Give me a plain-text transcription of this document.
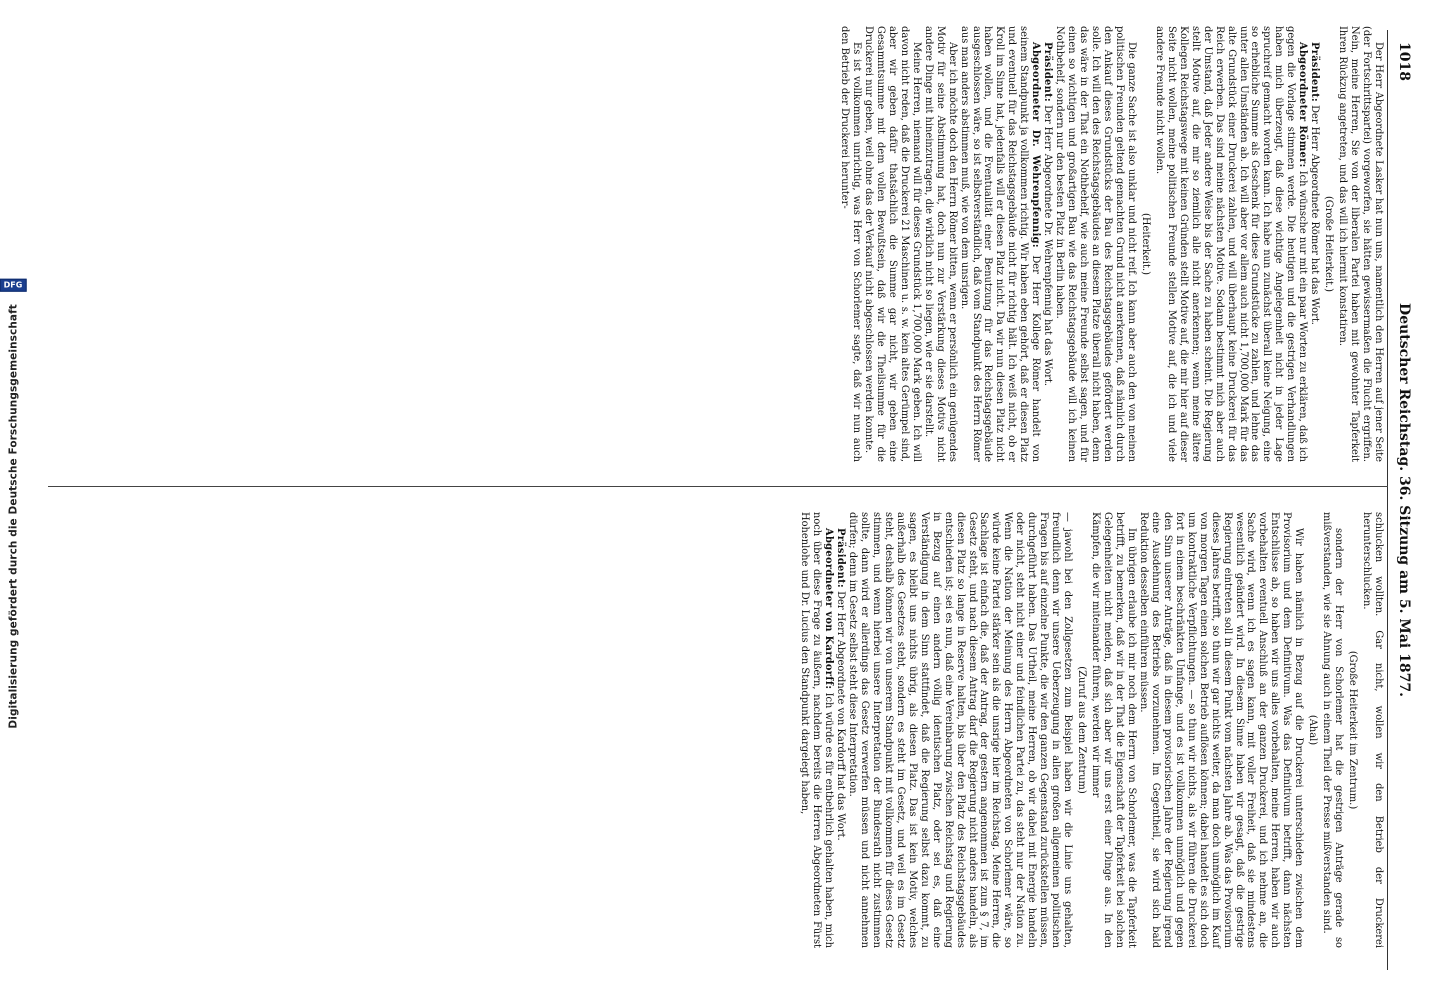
Digitalisierung gefördert durch die Deutsche Forschungsgemeinschaft
DFG
1018
Deutscher Reichstag. 36. Sitzung am 5. Mai 1877.

Der Herr Abgeordnete Lasker hat nun uns, namentlich den Herren auf jener Seite (der Fortschrittspartei) vorgeworfen, sie hätten gewissermaßen die Flucht ergriffen. Nein, meine Herren, Sie von der liberalen Partei haben mit gewohnter Tapferkeit Ihren Rückzug angetreten, und das will ich hiermit konstatiren.

(Große Heiterkeit.)

Präsident: Der Herr Abgeordnete Römer hat das Wort.

Abgeordneter Römer: Ich wünsche nur mit ein paar Worten zu erklären, daß ich gegen die Vorlage stimmen werde. Die heutigen und die gestrigen Verhandlungen haben mich überzeugt, daß diese wichtige Angelegenheit nicht in jeder Lage spruchreif gemacht worden kann. Ich habe nun zunächst überall keine Neigung, eine so erhebliche Summe als Geschenk für diese Grundstücke zu zahlen, und lehne das unter allen Umständen ab. Ich will aber vor allem auch nicht 1,700,000 Mark für das alte Grundstück einer Druckerei zahlen, und will überhaupt keine Druckerei für das Reich erwerben. Das sind meine nächsten Motive. Sodann bestimmt mich aber auch der Umstand, daß Jeder andere Weise bis der Sache zu haben scheint. Die Regierung stellt Motive auf, die mir so ziemlich alle nicht anerkennen; wenn meine ältere Kollegen Reichstagswege mit keinen Gründen stellt Motive auf, die mir hier auf dieser Seite nicht wollen, meine politischen Freunde stellen Motive auf, die ich und viele andere Freunde nicht wollen.

(Heiterkeit.)

Die ganze Sache ist also unklar und nicht reif. Ich kann aber auch den von meinen politischen Freunden geltend gemachten Grund nicht anerkennen, daß nämlich durch den Ankauf dieses Grundstücks der Bau des Reichstagsgebäudes gefördert werden solle. Ich will den des Reichstagsgebäudes an diesem Platze überall nicht haben, denn das wäre in der That ein Nothbehelf, wie auch meine Freunde selbst sagen, und für einen so wichtigen und großartigen Bau wie das Reichstagsgebäude will ich keinen Nothbehelf, sondern nur den besten Platz in Berlin haben.

Präsident: Der Herr Abgeordnete Dr. Wehrenpfennig hat das Wort.

Abgeordneter Dr. Wehrenpfennig: Der Herr Kollege Römer handelt von seinem Standpunkt ja vollkommen richtig. Wir haben eben gehört, daß er diesen Platz und eventuell für das Reichstagsgebäude nicht für richtig hält. Ich weiß nicht, ob er Kroll im Sinne hat, jedenfalls will er diesen Platz nicht. Da wir nun diesen Platz nicht haben wollen, und die Eventualität einer Benutzung für das Reichstagsgebäude ausgeschlossen wäre, so ist selbstverständlich, daß vom Standpunkt des Herrn Römer aus man anders abstimmen muß, wie von dem unsrigen.

Aber ich möchte doch den Herrn Römer bitten, wenn er persönlich ein genügendes Motiv für seine Abstimmung hat, doch nun zur Verstärkung dieses Motivs nicht andere Dinge mit hineinzutragen, die wirklich nicht so liegen, wie er sie darstellt.

Meine Herren, niemand will für dieses Grundstück 1,700,000 Mark geben. Ich will davon nicht reden, daß die Druckerei 21 Maschinen u. s. w. kein altes Gerümpel sind, aber wir geben dafür thatsächlich die Summe gar nicht, wir geben eine Gesammtsumme mit dem vollen Bewußtsein, daß wir die Theilsumme für die Druckerei nur geben, weil ohne das der Verkauf nicht abgeschlossen werden konnte.

Es ist vollkommen unrichtig, was Herr von Schorlemer sagte, daß wir nun auch den Betrieb der Druckerei herunter-

schlucken wollten. Gar nicht, wollen wir den Betrieb der Druckerei herunterschlucken.

(Große Heiterkeit im Zentrum.)

sondern der Herr von Schorlemer hat die gestrigen Anträge gerade so mißverstanden, wie sie Ahnung auch in einem Theil der Presse mißverstanden sind.

(Ahal)

Wir haben nämlich in Bezug auf die Druckerei unterschieden zwischen dem Provisorium und dem Definitivum. Was das Definitivum betrifft, dann nächsten Entschlüsse ab, so haben wir uns alles vorbehalten, meine Herren, haben wir auch vorbehalten eventuell Anschluß an der ganzen Druckerei, und ich nehme an, die Sache wird, wenn ich es sagen kann, mit voller Freiheit, daß sie mindestens wesentlich geändert wird. In diesem Sinne haben wir gesagt, daß die gestrige Regierung eintreten soll in diesem Punkt vom nächsten Jahre ab. Was das Provisorium dieses Jahres betrifft, so thun wir gar nichts weiter, da man doch unmöglich im Kauf von morgen Tagen einen solchen Betrieb auflösen können; dabei handelt es sich doch um kontraktliche Verpflichtungen. — so thun wir nichts, als wir führen die Druckerei fort in einem beschränkten Umfange, und es ist vollkommen unmöglich und gegen den Sinn unserer Anträge, daß in diesem provisorischen Jahre der Regierung irgend eine Ausdehnung des Betriebs vorzunehmen. Im Gegentheil, sie wird sich bald Reduktion desselben einführen müssen.

Im übrigen erlaube ich mir noch dem Herrn von Schorlemer, was die Tapferkeit betrifft, zu bemerken, daß wir in der That die Eigenschaft der Tapferkeit bei solchen Gelegenheiten nicht meiden, daß sich aber wir uns erst einer Dinge aus. In den Kämpfen, die wir miteinander führen, werden wir immer

(Zuruf aus dem Zentrum)

— jawohl bei den Zollgesetzen zum Beispiel haben wir die Linie uns gehalten, freundlich denn wir unsere Ueberzeugung in allen großen allgemeinen politischen Fragen bis auf einzelne Punkte, die wir den ganzen Gegenstand zurückstellen müssen, durchgeführt haben. Das Urtheil, meine Herren, ob wir dabei mit Energie handeln oder nicht, steht nicht einer und feindlichen Partei zu, das steht nur der Nation zu. Wenn die Nation der Meinung des Herrn Abgeordneten von Schorlemer wäre, so würde keine Partei stärker sein als die unsrige hier im Reichstag. Meine Herren, die Sachlage ist einfach die, daß der Antrag, der gestern angenommen ist zum § 7, im Gesetz steht, und nach diesem Antrag darf die Regierung nicht anders handeln, als diesen Platz so lange in Reserve halten, bis über den Platz des Reichstagsgebäudes entschieden ist; sei es nun, daß eine Vereinbarung zwischen Reichstag und Regierung in Bezug auf einen andern völlig identischen Platz, oder sei es, daß eine Verständigung in dem Sinn stattfindet, daß die Regierung selbst dazu kommt, zu sagen, es bleibt uns nichts übrig, als diesen Platz. Das ist kein Motiv, welches außerhalb des Gesetzes steht, sondern es steht im Gesetz, und weil es im Gesetz steht, deshalb können wir von unserem Standpunkt mit vollkommen für dieses Gesetz stimmen, und wenn hierbei unsere Interpretation der Bundesrath nicht zustimmen sollte, dann wird er allerdings das Gesetz verwerfen müssen und nicht annehmen dürfen; denn im Gesetz selbst steht diese Interpretation.

Präsident: Der Herr Abgeordnete von Kardorff hat das Wort.

Abgeordneter von Kardorff: Ich würde es für entbehrlich gehalten haben, mich noch über diese Frage zu äußern, nachdem bereits die Herren Abgeordneten Fürst Hohenlohe und Dr. Lucius den Standpunkt dargelegt haben,
